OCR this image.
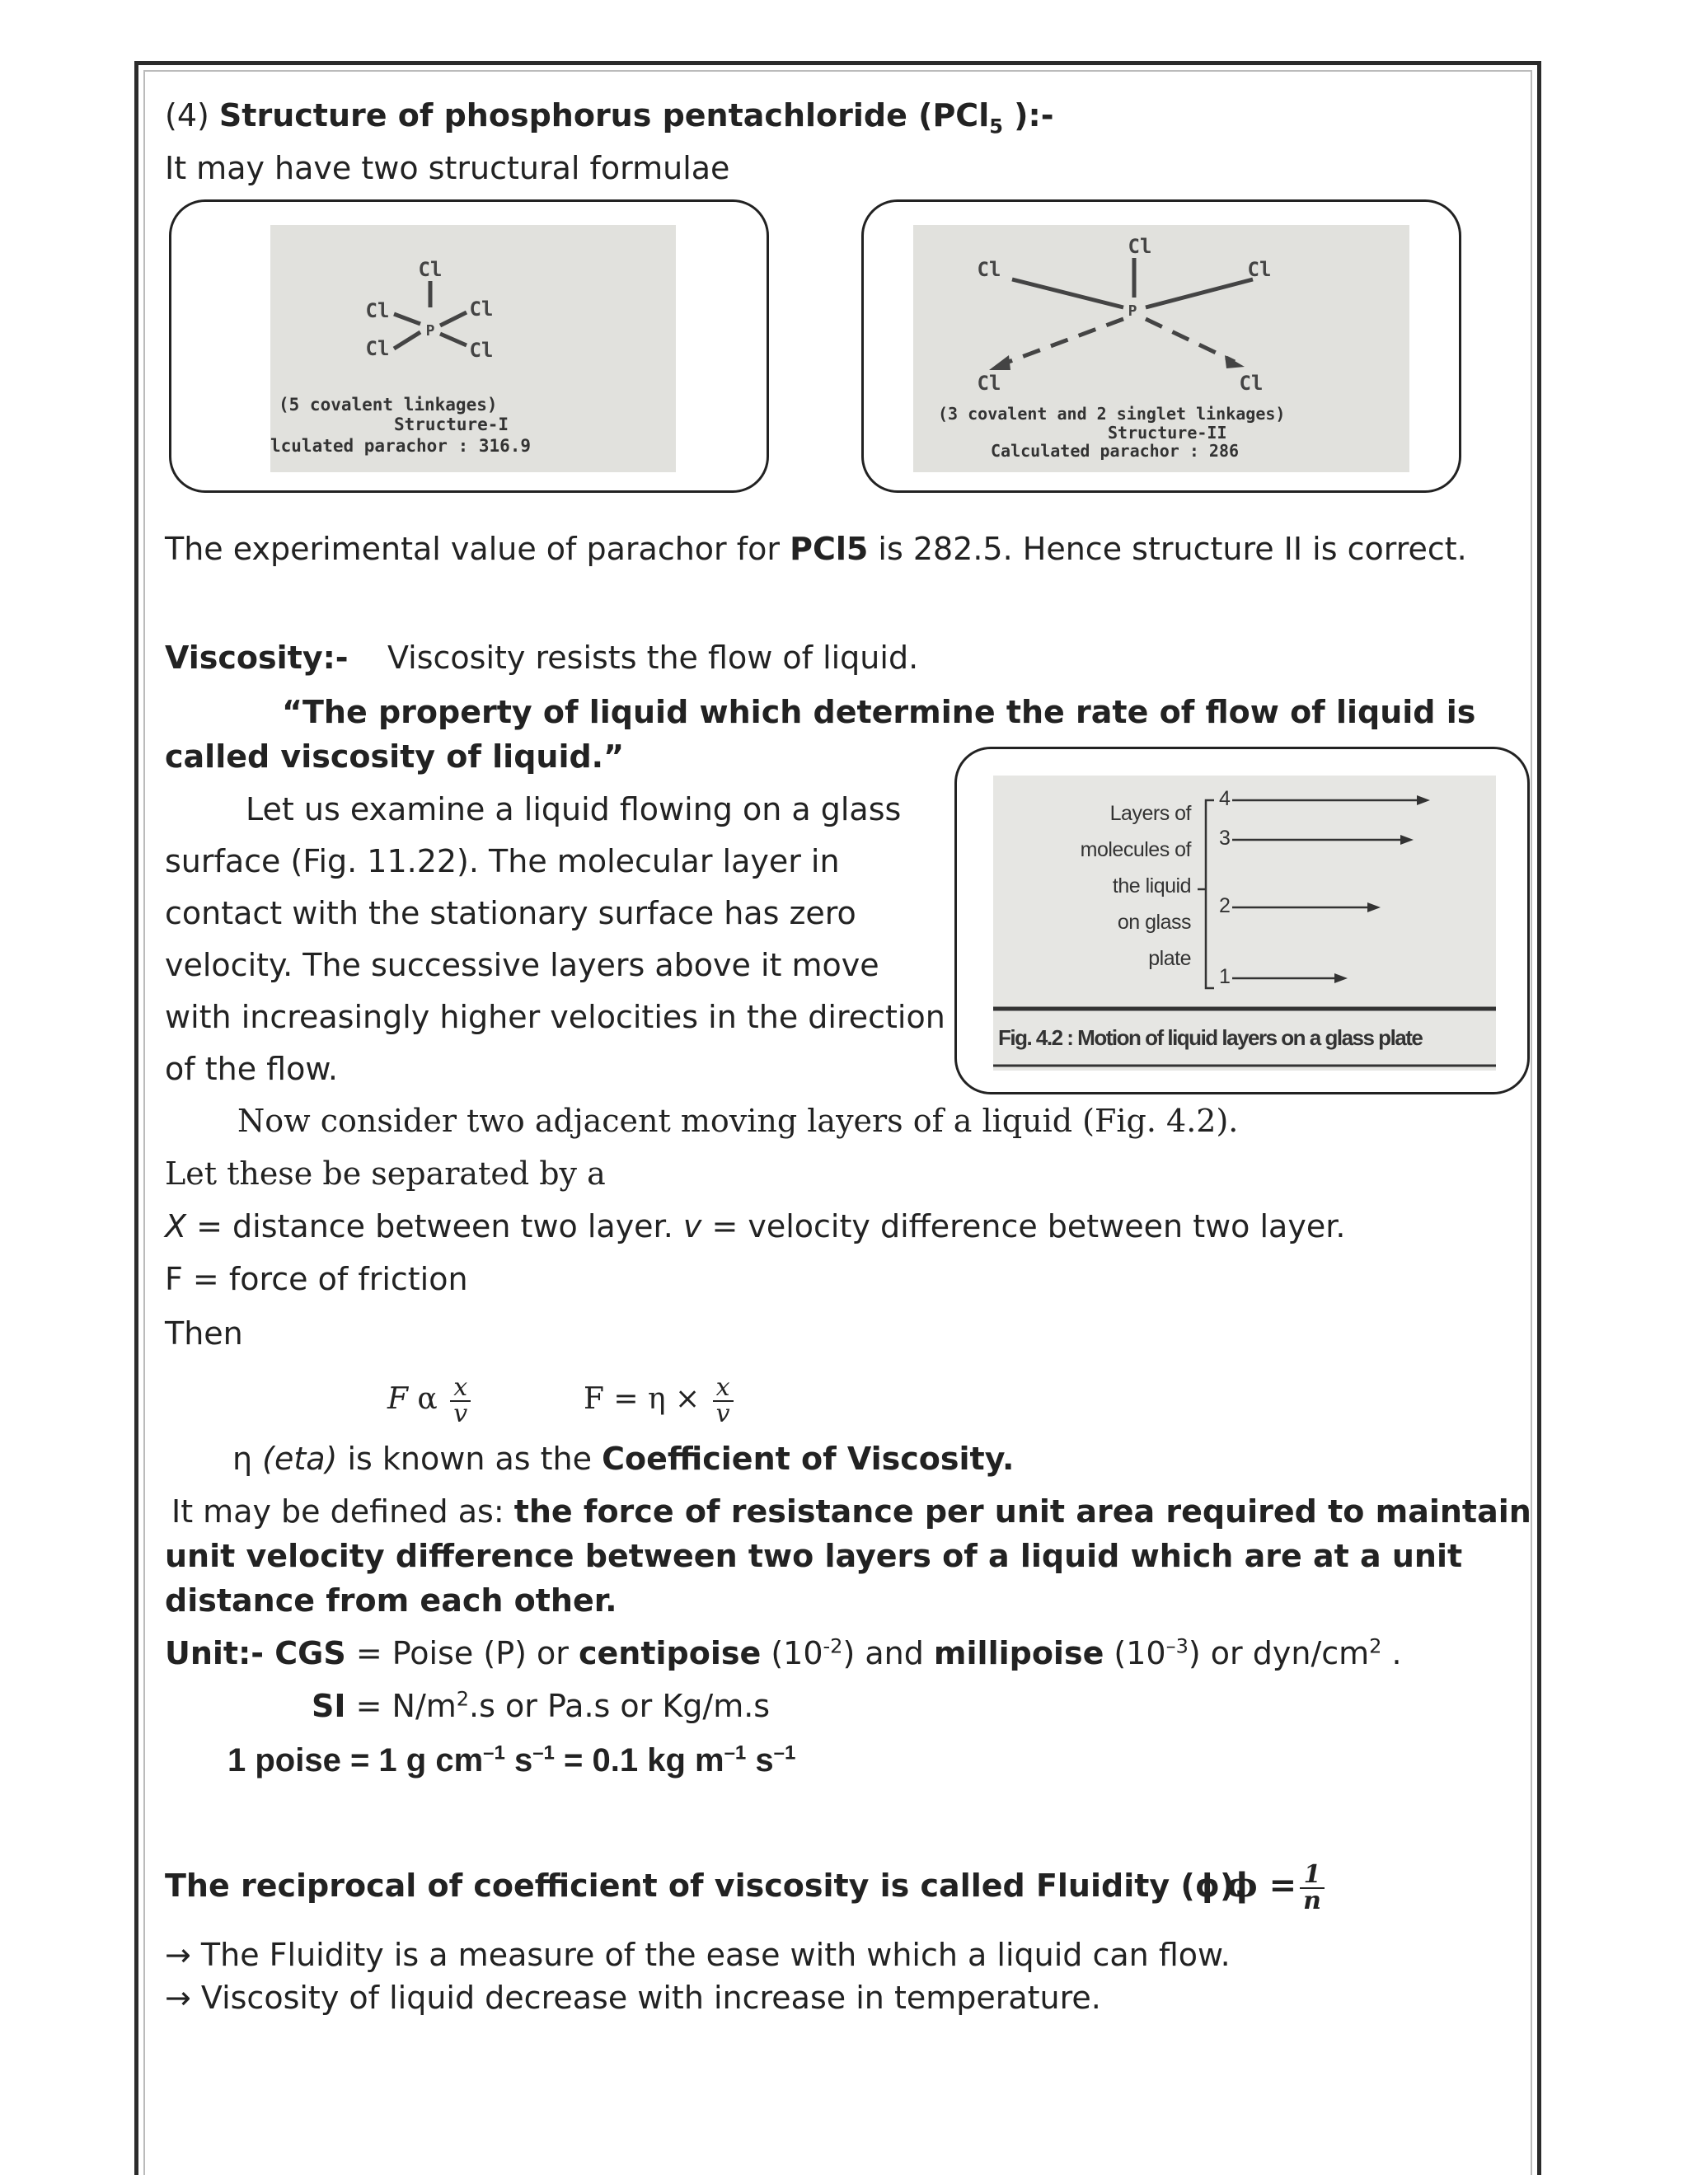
(4) Structure of phosphorus pentachloride (PCl$_5$ ):-
It may have two structural formulae
Cl
Cl	Cl
P
Cl	Cl
(5 covalent linkages)
Structure-I
lculated parachor : 316.9
Cl
Cl	Cl
P
Cl	Cl
(3 covalent and 2 singlet linkages)
Structure-II
Calculated parachor : 286
The experimental value of parachor for PCl5 is 282.5. Hence structure II is correct.
Viscosity:- Viscosity resists the flow of liquid.
“The property of liquid which determine the rate of flow of liquid is
called viscosity of liquid.”
Let us examine a liquid flowing on a glass
surface (Fig. 11.22). The molecular layer in
contact with the stationary surface has zero
velocity. The successive layers above it move
with increasingly higher velocities in the direction
of the flow.
Layers of
molecules of
the liquid
on glass
plate
4
3
2
1
Fig. 4.2 : Motion of liquid layers on a glass plate
Now consider two adjacent moving layers of a liquid (Fig. 4.2).
Let these be separated by a
X = distance between two layer. v = velocity difference between two layer.
F = force of friction
Then
F α $\frac{x}{v}$	$F = \eta \times \frac{x}{v}$
η (eta) is known as the Coefficient of Viscosity.
It may be defined as: the force of resistance per unit area required to maintain
unit velocity difference between two layers of a liquid which are at a unit
distance from each other.
Unit:- CGS = Poise (P) or centipoise $(10^{-2})$ and millipoise $(10^{-3})$ or dyn/$cm^2$ .
SI = $N/m^2.s$ or Pa.s or Kg/m.s
1 poise = 1 g $cm^{-1}$ $s^{-1} = 0.1$ kg $m^{-1}$ $s^{-1}$
The reciprocal of coefficient of viscosity is called Fluidity (ϕ).
$\phi = \frac{1}{n}$
→ The Fluidity is a measure of the ease with which a liquid can flow.
→ Viscosity of liquid decrease with increase in temperature.
